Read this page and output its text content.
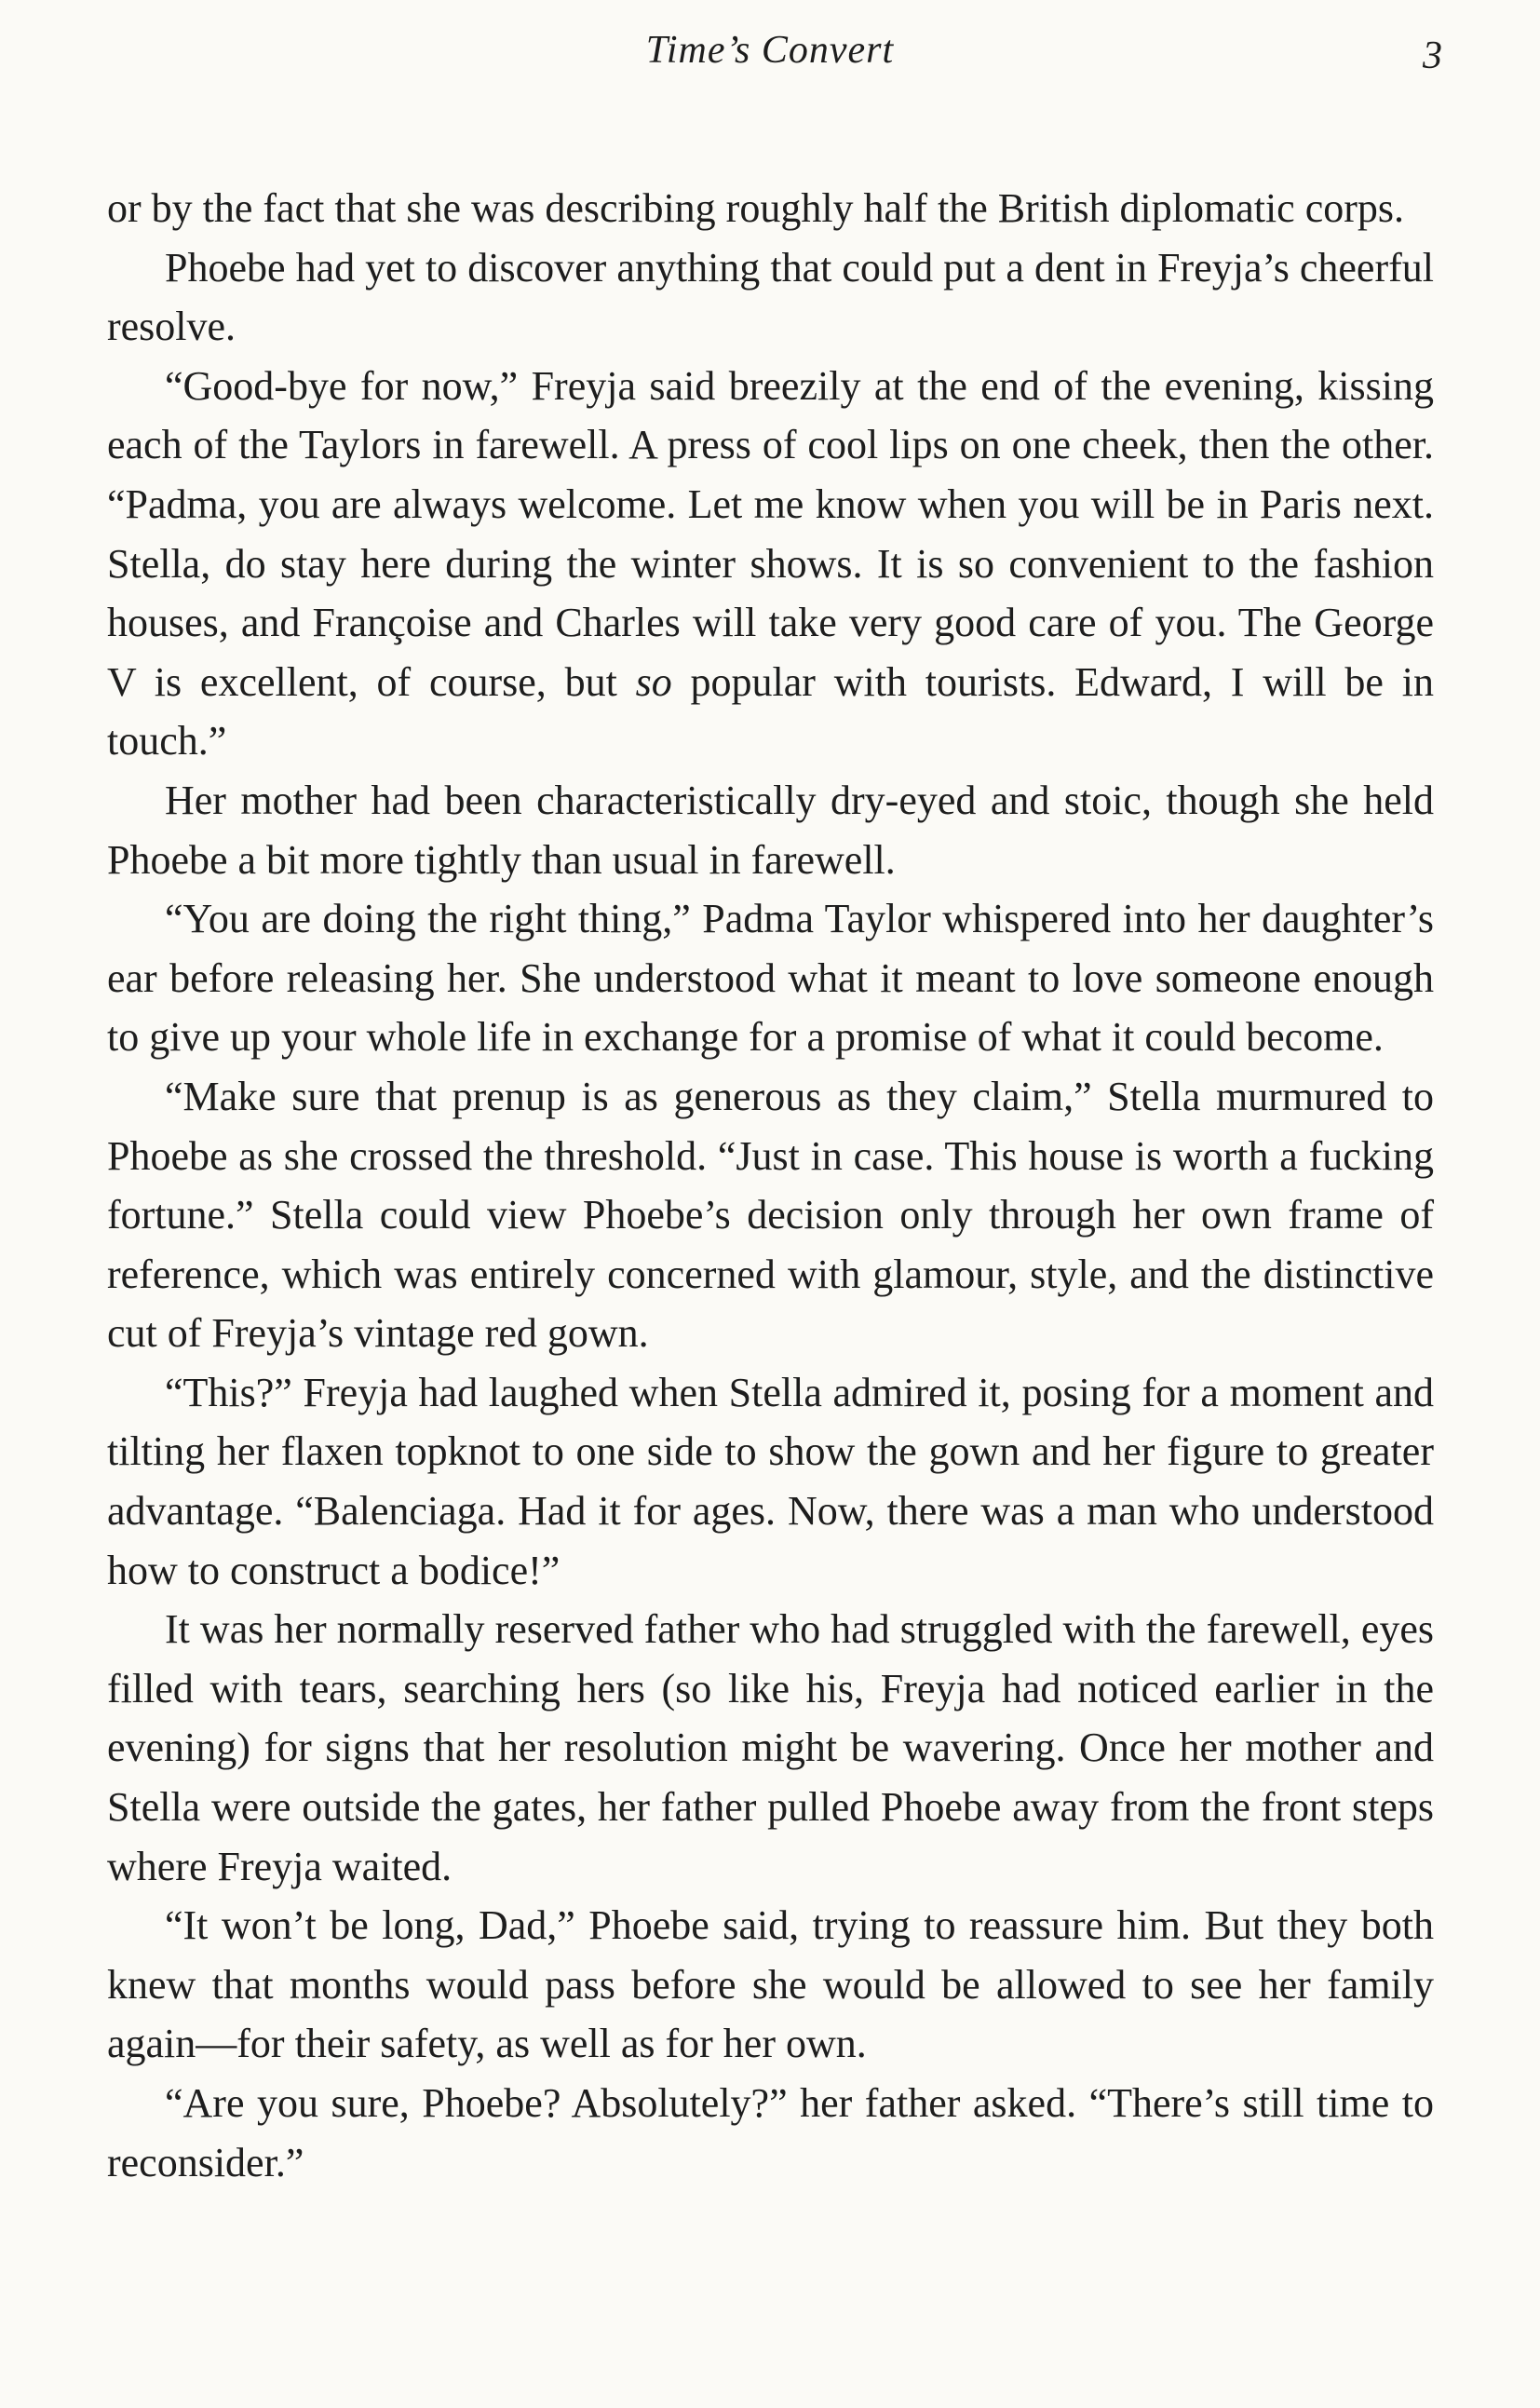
Time’s Convert	3

or by the fact that she was describing roughly half the British diplomatic corps.

Phoebe had yet to discover anything that could put a dent in Freyja’s cheerful resolve.

“Good-bye for now,” Freyja said breezily at the end of the evening, kissing each of the Taylors in farewell. A press of cool lips on one cheek, then the other. “Padma, you are always welcome. Let me know when you will be in Paris next. Stella, do stay here during the winter shows. It is so convenient to the fashion houses, and Françoise and Charles will take very good care of you. The George V is excellent, of course, but so popular with tourists. Edward, I will be in touch.”

Her mother had been characteristically dry-eyed and stoic, though she held Phoebe a bit more tightly than usual in farewell.

“You are doing the right thing,” Padma Taylor whispered into her daughter’s ear before releasing her. She understood what it meant to love someone enough to give up your whole life in exchange for a promise of what it could become.

“Make sure that prenup is as generous as they claim,” Stella murmured to Phoebe as she crossed the threshold. “Just in case. This house is worth a fucking fortune.” Stella could view Phoebe’s decision only through her own frame of reference, which was entirely concerned with glamour, style, and the distinctive cut of Freyja’s vintage red gown.

“This?” Freyja had laughed when Stella admired it, posing for a moment and tilting her flaxen topknot to one side to show the gown and her figure to greater advantage. “Balenciaga. Had it for ages. Now, there was a man who understood how to construct a bodice!”

It was her normally reserved father who had struggled with the farewell, eyes filled with tears, searching hers (so like his, Freyja had noticed earlier in the evening) for signs that her resolution might be wavering. Once her mother and Stella were outside the gates, her father pulled Phoebe away from the front steps where Freyja waited.

“It won’t be long, Dad,” Phoebe said, trying to reassure him. But they both knew that months would pass before she would be allowed to see her family again—for their safety, as well as for her own.

“Are you sure, Phoebe? Absolutely?” her father asked. “There’s still time to reconsider.”
